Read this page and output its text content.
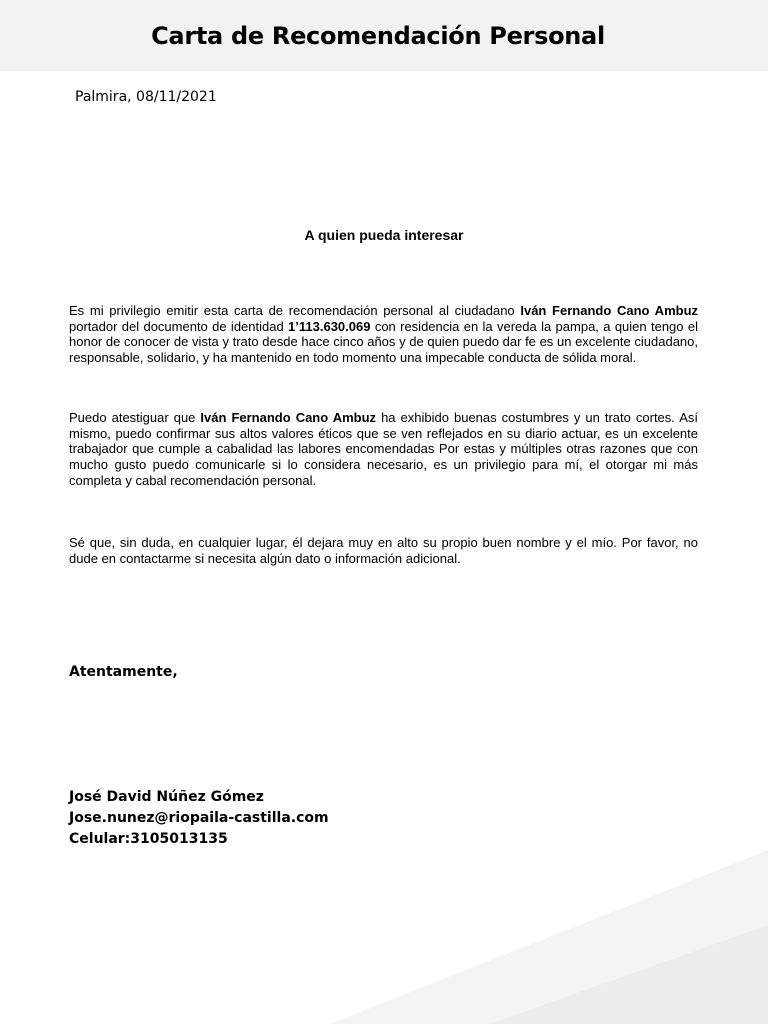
Carta de Recomendación Personal
Palmira, 08/11/2021
A quien pueda interesar

Es mi privilegio emitir esta carta de recomendación personal al ciudadano Iván Fernando Cano Ambuz portador del documento de identidad 1’113.630.069 con residencia en la vereda la pampa, a quien tengo el honor de conocer de vista y trato desde hace cinco años y de quien puedo dar fe es un excelente ciudadano, responsable, solidario, y ha mantenido en todo momento una impecable conducta de sólida moral.

Puedo atestiguar que Iván Fernando Cano Ambuz ha exhibido buenas costumbres y un trato cortes. Así mismo, puedo confirmar sus altos valores éticos que se ven reflejados en su diario actuar, es un excelente trabajador que cumple a cabalidad las labores encomendadas Por estas y múltiples otras razones que con mucho gusto puedo comunicarle si lo considera necesario, es un privilegio para mí, el otorgar mi más completa y cabal recomendación personal.

Sé que, sin duda, en cualquier lugar, él dejara muy en alto su propio buen nombre y el mío. Por favor, no dude en contactarme si necesita algún dato o información adicional.

Atentamente,
José David Núñez Gómez
Jose.nunez@riopaila-castilla.com
Celular:3105013135
